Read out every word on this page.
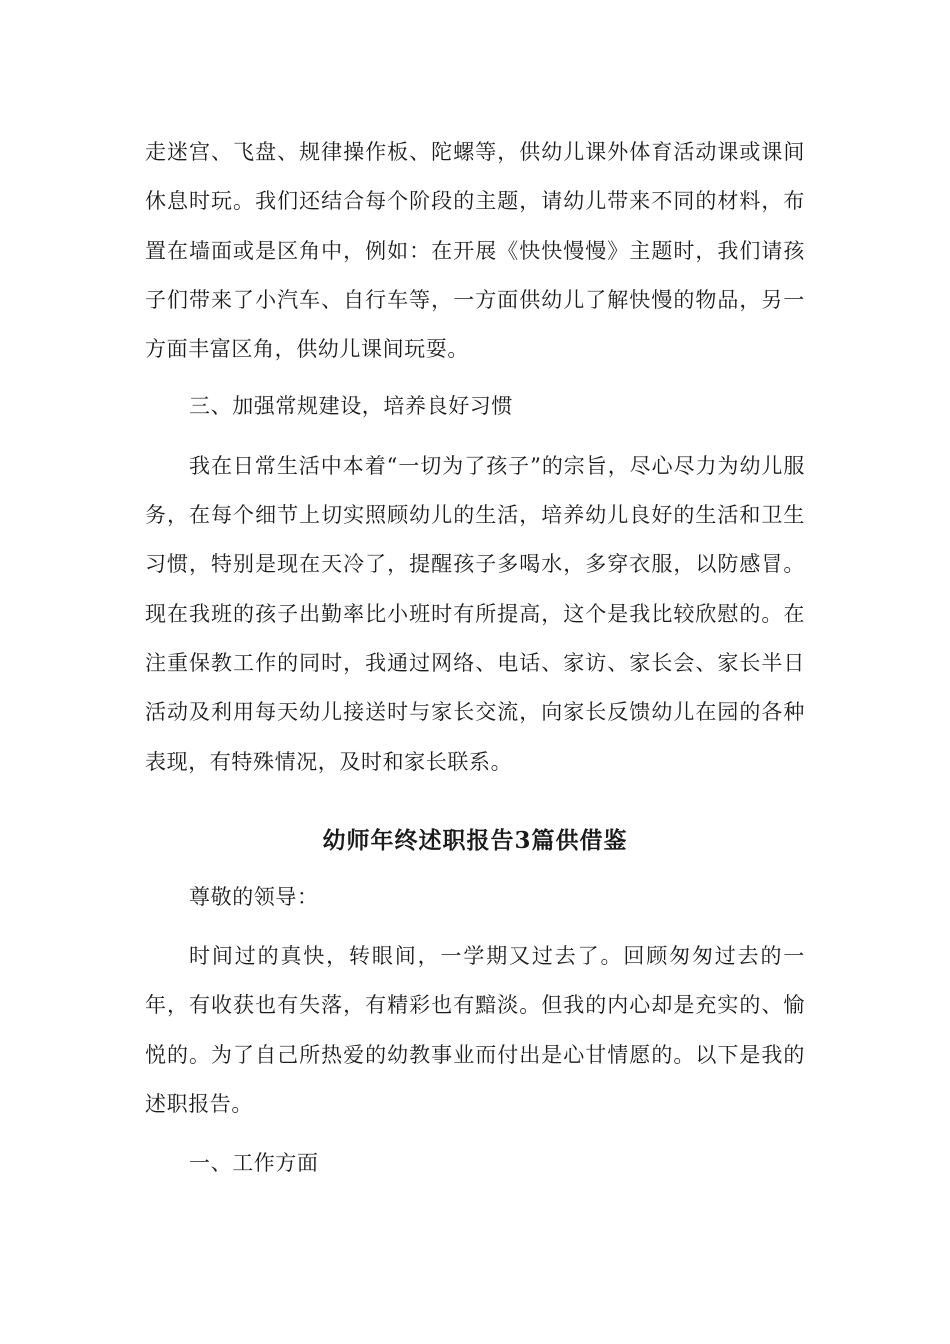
走迷宫、飞盘、规律操作板、陀螺等，供幼儿课外体育活动课或课间休息时玩。我们还结合每个阶段的主题，请幼儿带来不同的材料，布置在墙面或是区角中，例如：在开展《快快慢慢》主题时，我们请孩子们带来了小汽车、自行车等，一方面供幼儿了解快慢的物品，另一方面丰富区角，供幼儿课间玩耍。

三、加强常规建设，培养良好习惯

我在日常生活中本着“一切为了孩子”的宗旨，尽心尽力为幼儿服务，在每个细节上切实照顾幼儿的生活，培养幼儿良好的生活和卫生习惯，特别是现在天冷了，提醒孩子多喝水，多穿衣服，以防感冒。现在我班的孩子出勤率比小班时有所提高，这个是我比较欣慰的。在注重保教工作的同时，我通过网络、电话、家访、家长会、家长半日活动及利用每天幼儿接送时与家长交流，向家长反馈幼儿在园的各种表现，有特殊情况，及时和家长联系。

幼师年终述职报告3篇供借鉴

尊敬的领导：

时间过的真快，转眼间，一学期又过去了。回顾匆匆过去的一年，有收获也有失落，有精彩也有黯淡。但我的内心却是充实的、愉悦的。为了自己所热爱的幼教事业而付出是心甘情愿的。以下是我的述职报告。

一、工作方面
